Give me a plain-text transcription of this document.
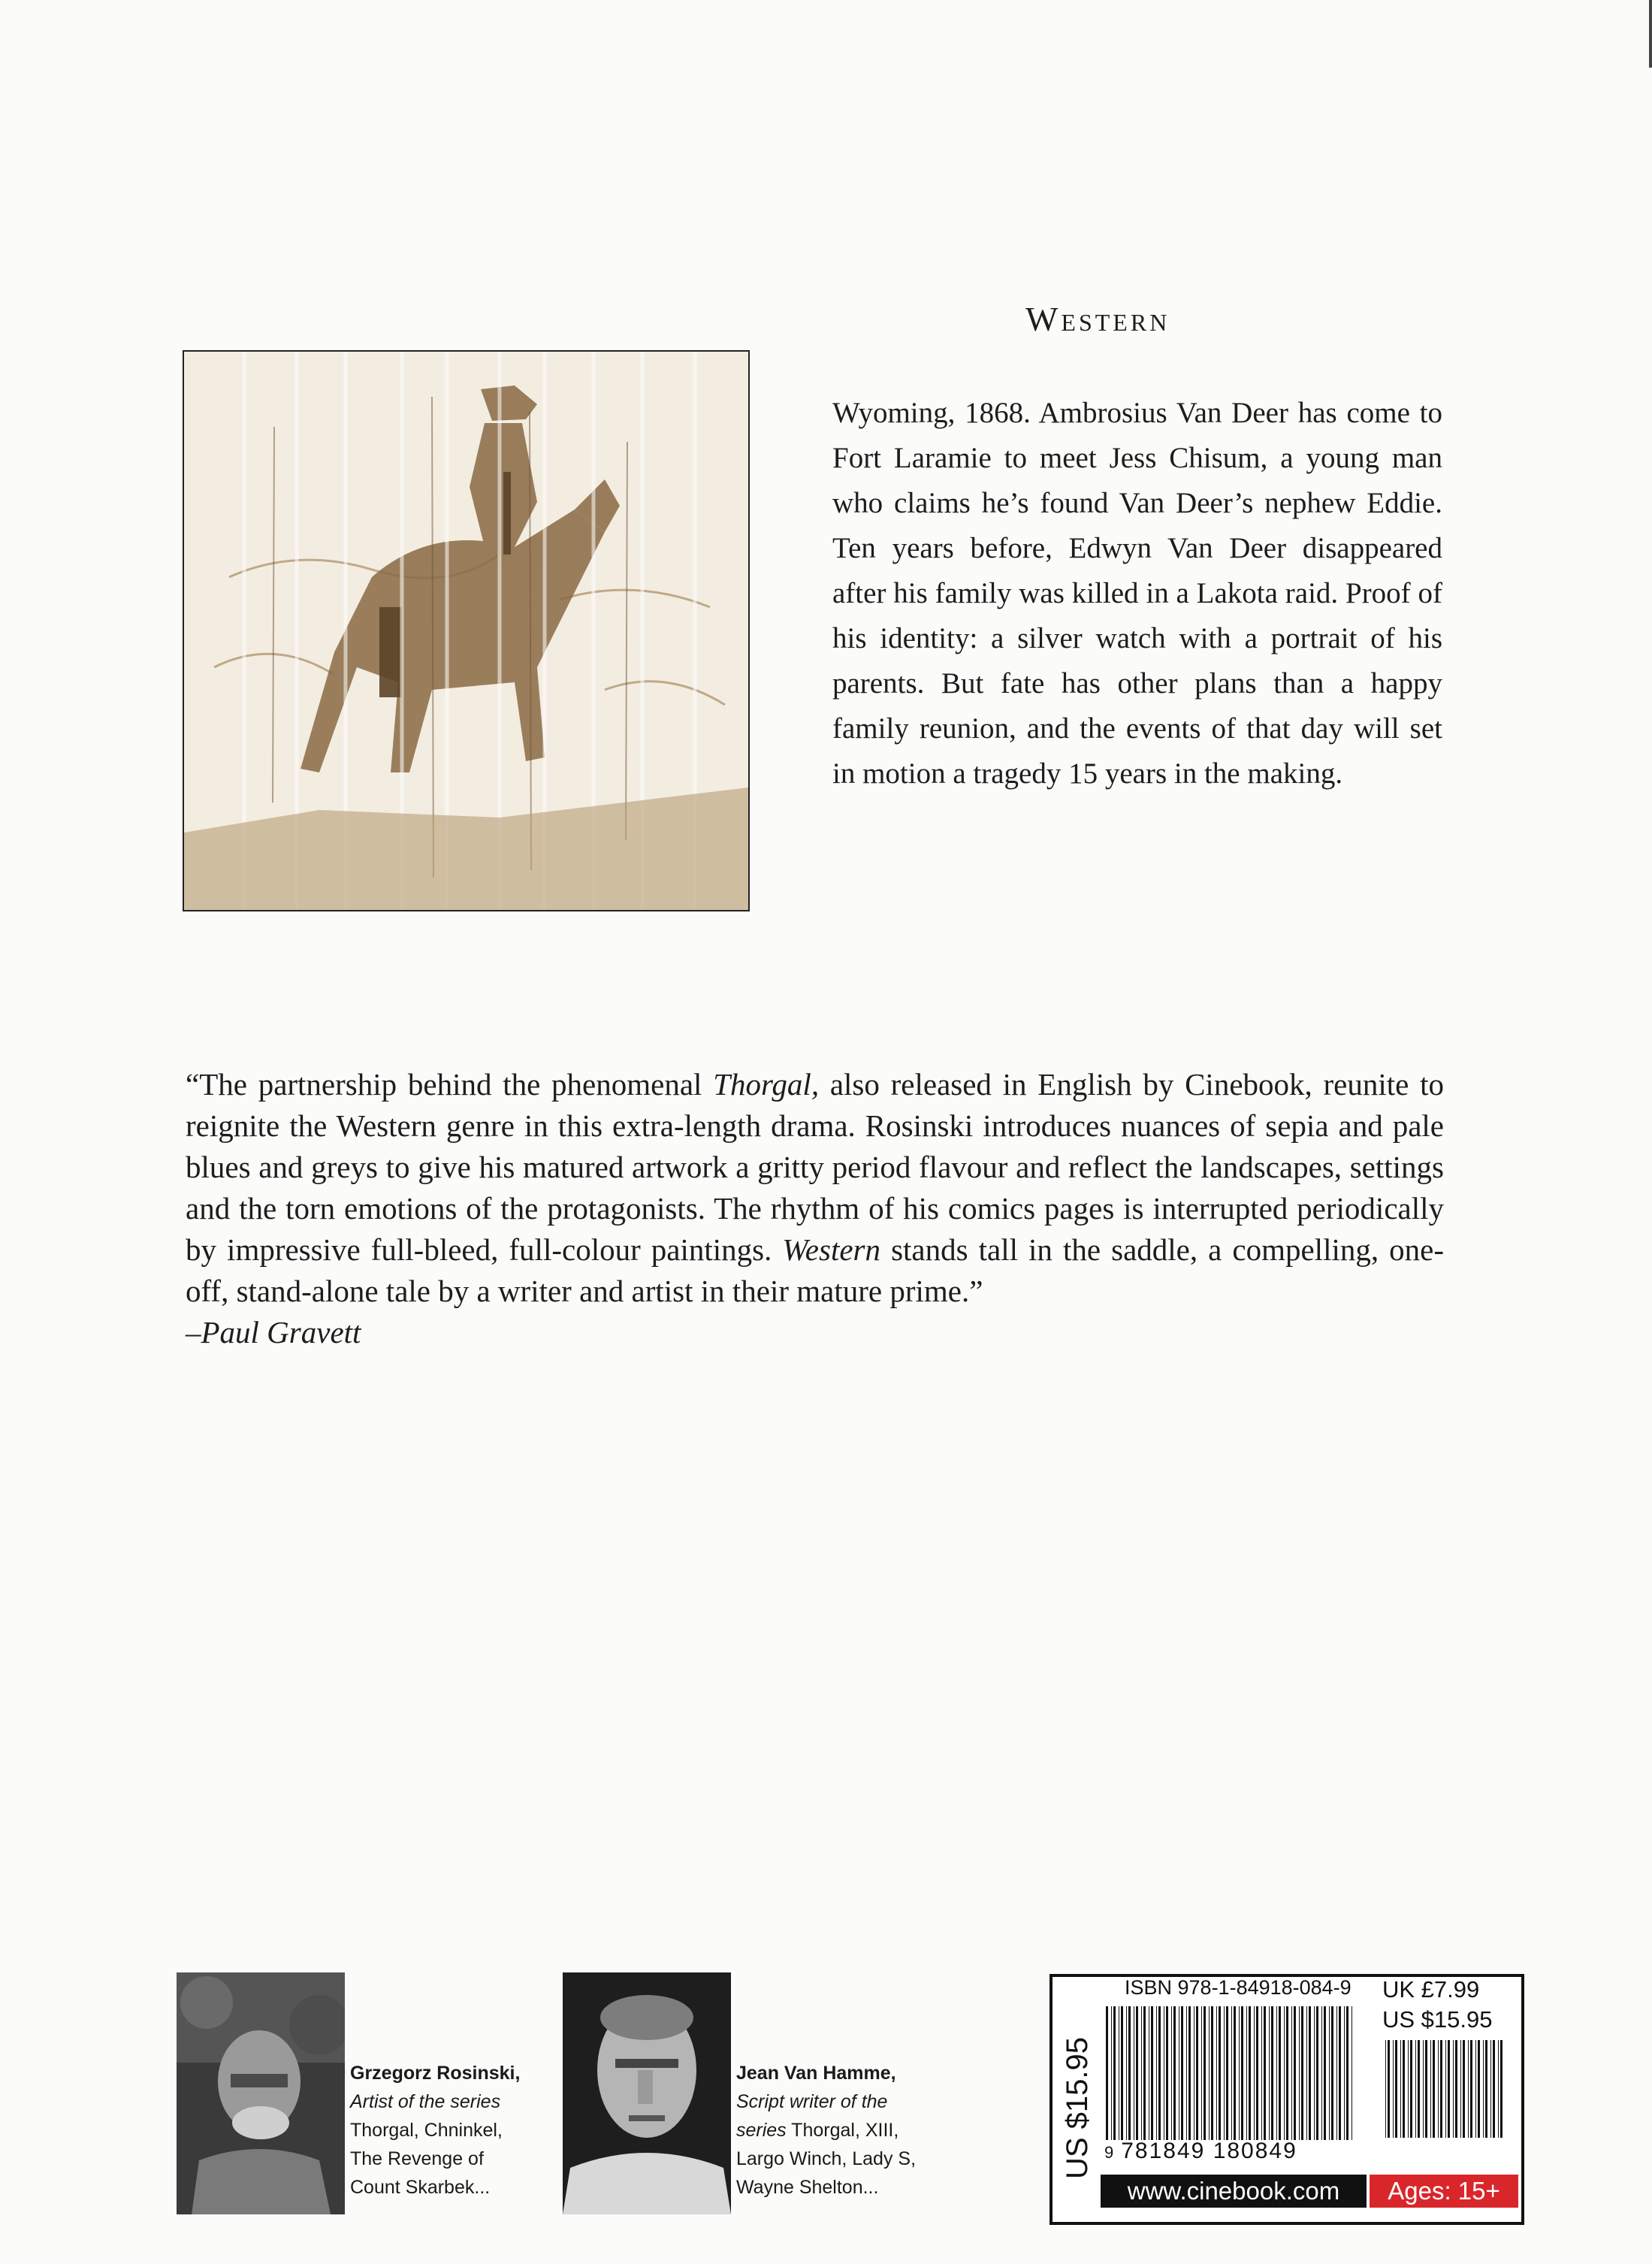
Western
Wyoming, 1868. Ambrosius Van Deer has come to Fort Laramie to meet Jess Chisum, a young man who claims he’s found Van Deer’s nephew Eddie. Ten years before, Edwyn Van Deer disappeared after his family was killed in a Lakota raid. Proof of his identity: a silver watch with a portrait of his parents. But fate has other plans than a happy family reunion, and the events of that day will set in motion a tragedy 15 years in the making.
“The partnership behind the phenomenal Thorgal, also released in English by Cinebook, reunite to reignite the Western genre in this extra-length drama. Rosinski introduces nuances of sepia and pale blues and greys to give his matured artwork a gritty period flavour and reflect the landscapes, settings and the torn emotions of the protagonists. The rhythm of his comics pages is interrupted periodically by impressive full-bleed, full-colour paintings. Western stands tall in the saddle, a compelling, one-off, stand-alone tale by a writer and artist in their mature prime.”
–Paul Gravett
Grzegorz Rosinski,
Artist of the series
Thorgal, Chninkel,
The Revenge of
Count Skarbek...
Jean Van Hamme,
Script writer of the
series Thorgal, XIII,
Largo Winch, Lady S,
Wayne Shelton...
US $15.95
ISBN 978-1-84918-084-9 UK £7.99
US $15.95
9 781849 180849
www.cinebook.com	Ages: 15+
